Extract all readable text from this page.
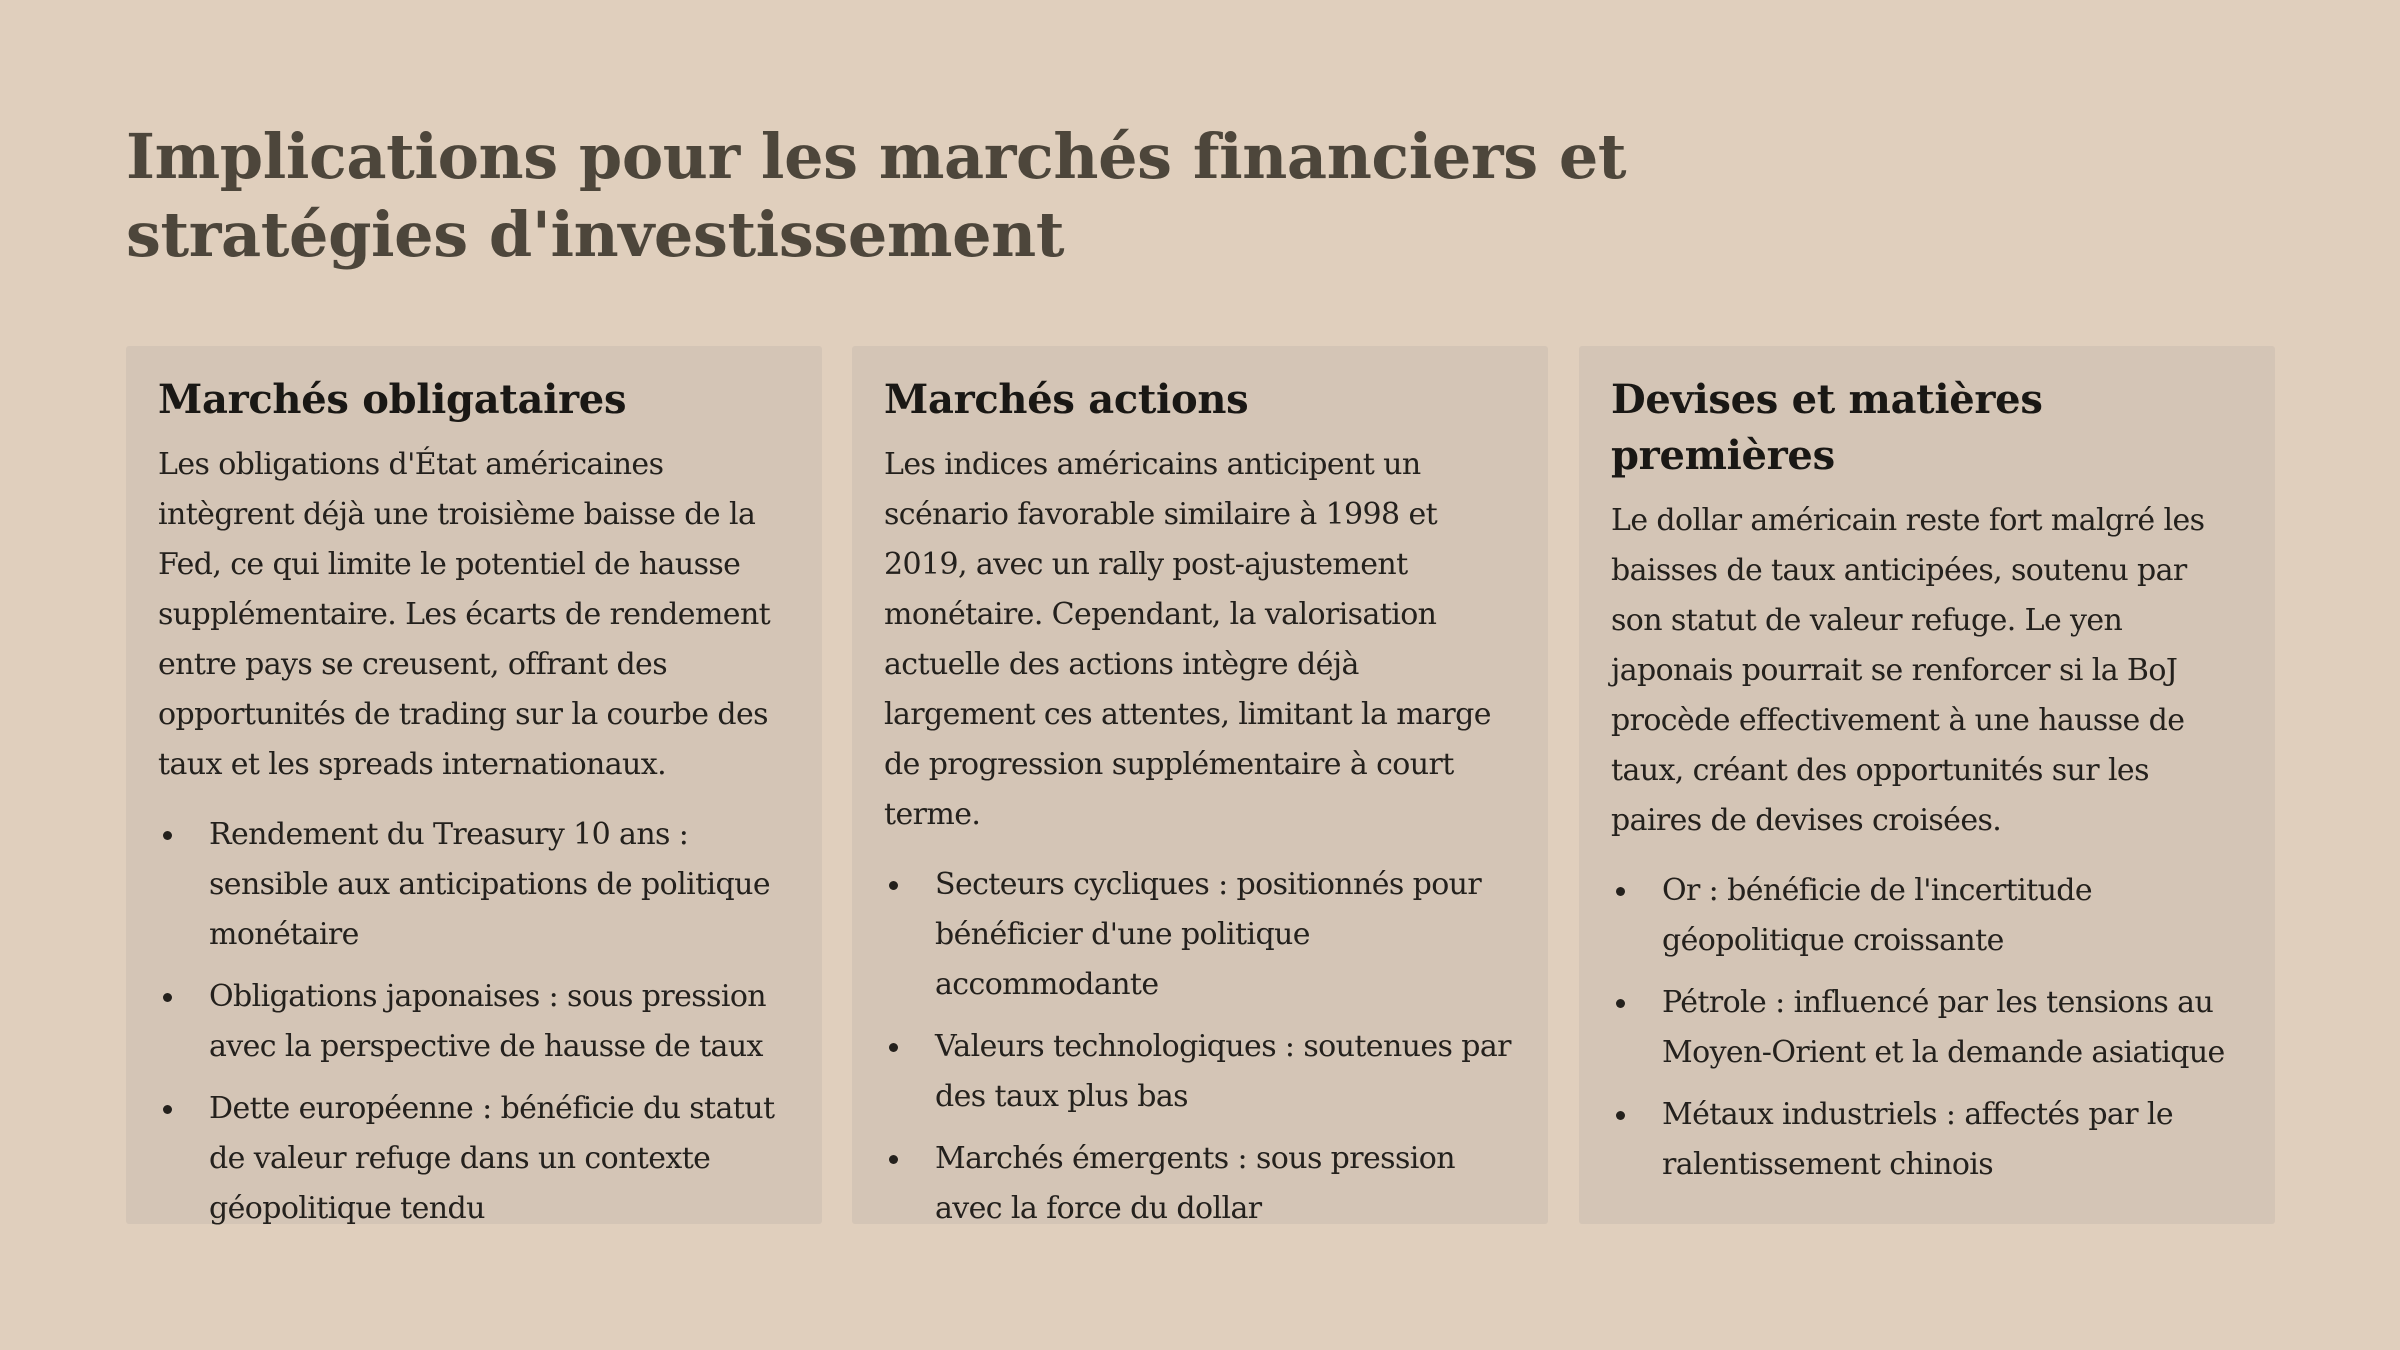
Implications pour les marchés financiers et stratégies d'investissement
Marchés obligataires

Les obligations d'État américaines intègrent déjà une troisième baisse de la Fed, ce qui limite le potentiel de hausse supplémentaire. Les écarts de rendement entre pays se creusent, offrant des opportunités de trading sur la courbe des taux et les spreads internationaux.

Rendement du Treasury 10 ans : sensible aux anticipations de politique monétaire
Obligations japonaises : sous pression avec la perspective de hausse de taux
Dette européenne : bénéficie du statut de valeur refuge dans un contexte géopolitique tendu
Marchés actions

Les indices américains anticipent un scénario favorable similaire à 1998 et 2019, avec un rally post-ajustement monétaire. Cependant, la valorisation actuelle des actions intègre déjà largement ces attentes, limitant la marge de progression supplémentaire à court terme.

Secteurs cycliques : positionnés pour bénéficier d'une politique accommodante
Valeurs technologiques : soutenues par des taux plus bas
Marchés émergents : sous pression avec la force du dollar
Devises et matières premières

Le dollar américain reste fort malgré les baisses de taux anticipées, soutenu par son statut de valeur refuge. Le yen japonais pourrait se renforcer si la BoJ procède effectivement à une hausse de taux, créant des opportunités sur les paires de devises croisées.

Or : bénéficie de l'incertitude géopolitique croissante
Pétrole : influencé par les tensions au Moyen-Orient et la demande asiatique
Métaux industriels : affectés par le ralentissement chinois
